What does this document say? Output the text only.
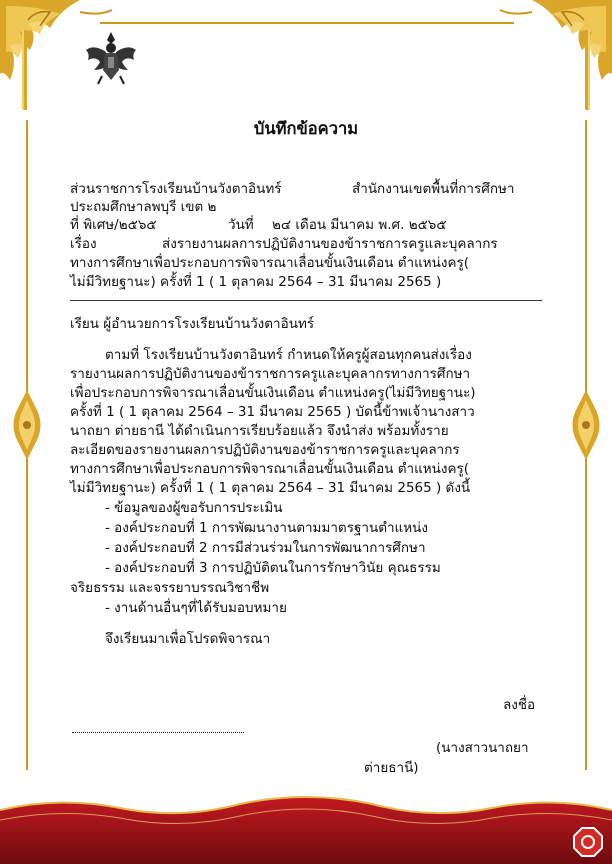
บันทึกข้อความ
ส่วนราชการโรงเรียนบ้านวังตาอินทร์	สำนักงานเขตพื้นที่การศึกษา
ประถมศึกษาลพบุรี เขต ๒
ที่ พิเศษ/๒๕๖๕	วันที่ ๒๔ เดือน มีนาคม พ.ศ. ๒๕๖๕
เรื่อง	ส่งรายงานผลการปฏิบัติงานของข้าราชการครูและบุคลากร
ทางการศึกษาเพื่อประกอบการพิจารณาเลื่อนขั้นเงินเดือน ตำแหน่งครู(
ไม่มีวิทยฐานะ) ครั้งที่ 1 ( 1 ตุลาคม 2564 – 31 มีนาคม 2565 )
เรียน ผู้อำนวยการโรงเรียนบ้านวังตาอินทร์
ตามที่ โรงเรียนบ้านวังตาอินทร์ กำหนดให้ครูผู้สอนทุกคนส่งเรื่อง
รายงานผลการปฏิบัติงานของข้าราชการครูและบุคลากรทางการศึกษา
เพื่อประกอบการพิจารณาเลื่อนขั้นเงินเดือน ตำแหน่งครู(ไม่มีวิทยฐานะ)
ครั้งที่ 1 ( 1 ตุลาคม 2564 – 31 มีนาคม 2565 ) บัดนี้ข้าพเจ้านางสาว
นาถยา ต่ายธานี ได้ดำเนินการเรียบร้อยแล้ว จึงนำส่ง พร้อมทั้งราย
ละเอียดของรายงานผลการปฏิบัติงานของข้าราชการครูและบุคลากร
ทางการศึกษาเพื่อประกอบการพิจารณาเลื่อนขั้นเงินเดือน ตำแหน่งครู(
ไม่มีวิทยฐานะ) ครั้งที่ 1 ( 1 ตุลาคม 2564 – 31 มีนาคม 2565 ) ดังนี้
- ข้อมูลของผู้ขอรับการประเมิน
- องค์ประกอบที่ 1 การพัฒนางานตามมาตรฐานตำแหน่ง
- องค์ประกอบที่ 2 การมีส่วนร่วมในการพัฒนาการศึกษา
- องค์ประกอบที่ 3 การปฏิบัติตนในการรักษาวินัย คุณธรรม
จริยธรรม และจรรยาบรรณวิชาชีพ
- งานด้านอื่นๆที่ได้รับมอบหมาย
จึงเรียนมาเพื่อโปรดพิจารณา
ลงชื่อ
(นางสาวนาถยา
ต่ายธานี)
